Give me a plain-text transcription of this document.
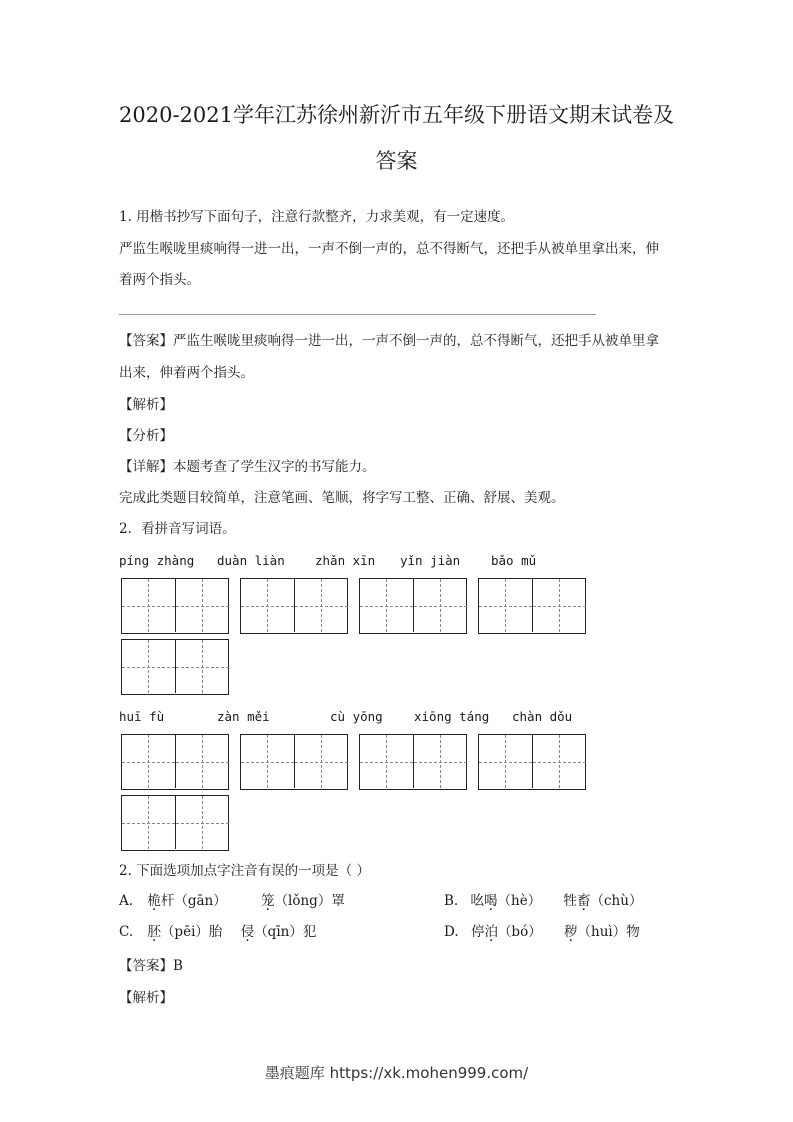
2020-2021学年江苏徐州新沂市五年级下册语文期末试卷及
答案
1. 用楷书抄写下面句子，注意行款整齐，力求美观，有一定速度。
严监生喉咙里痰响得一进一出，一声不倒一声的，总不得断气，还把手从被单里拿出来，伸
着两个指头。
【答案】严监生喉咙里痰响得一进一出，一声不倒一声的，总不得断气，还把手从被单里拿
出来，伸着两个指头。
【解析】
【分析】
【详解】本题考查了学生汉字的书写能力。
完成此类题目较简单，注意笔画、笔顺，将字写工整、正确、舒展、美观。
2．看拼音写词语。
píng zhàng duàn liàn zhǎn xīn yǐn jiàn bǎo mǔ
huī fù	zàn měi	cù yōng	xiōng táng chàn dǒu
2. 下面选项加点字注音有误的一项是（ ）
A. 桅杆（gān）	笼（lǒng）罩	B. 吆喝（hè） 牲畜（chù）
C. 胚（pēi）胎 侵（qīn）犯	D. 停泊（bó） 秽（huì）物
【答案】B
【解析】
墨痕题库 https://xk.mohen999.com/
